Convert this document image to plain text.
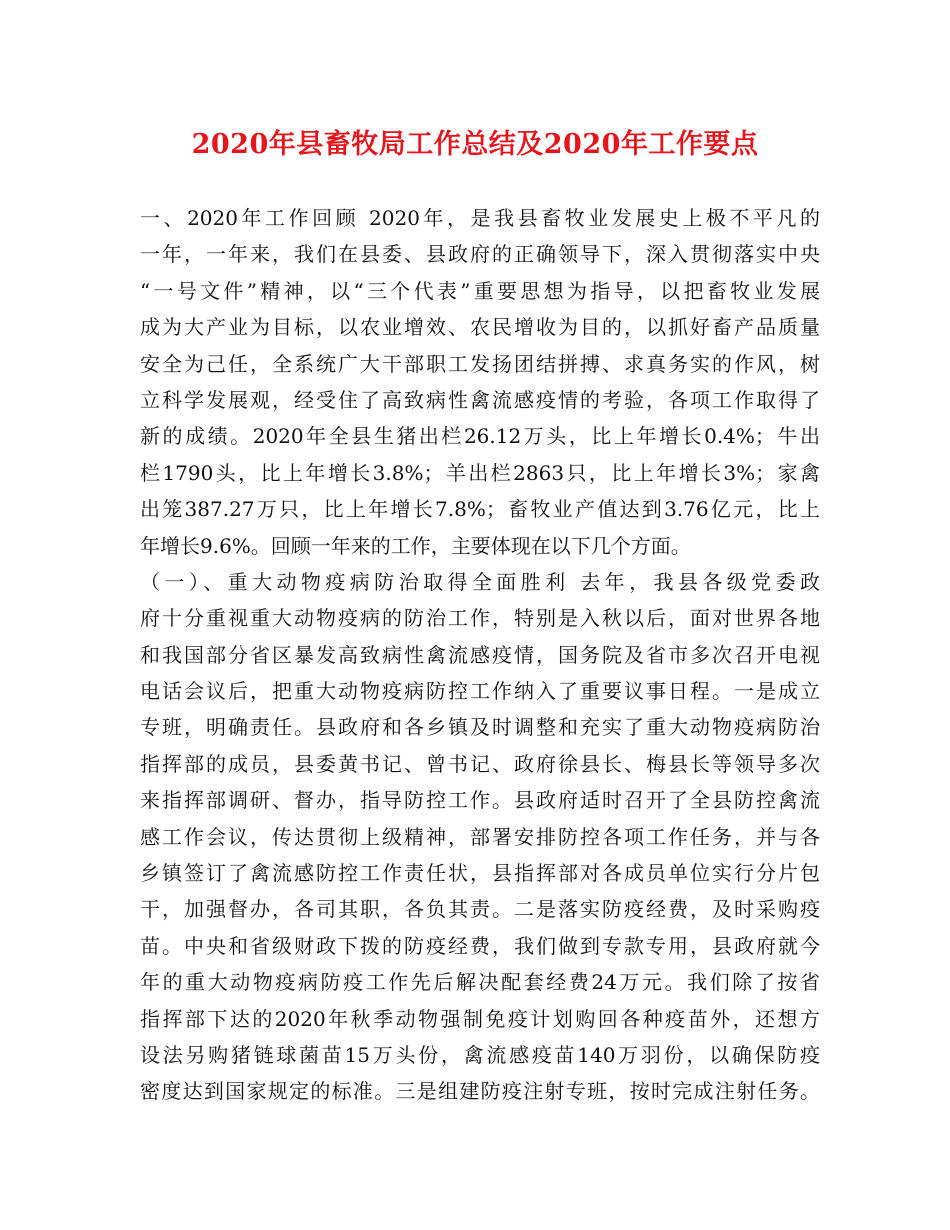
2020年县畜牧局工作总结及2020年工作要点
一、2020年工作回顾 2020年，是我县畜牧业发展史上极不平凡的
一年，一年来，我们在县委、县政府的正确领导下，深入贯彻落实中央
“一号文件”精神，以“三个代表”重要思想为指导，以把畜牧业发展
成为大产业为目标，以农业增效、农民增收为目的，以抓好畜产品质量
安全为己任，全系统广大干部职工发扬团结拼搏、求真务实的作风，树
立科学发展观，经受住了高致病性禽流感疫情的考验，各项工作取得了
新的成绩。2020年全县生猪出栏26.12万头，比上年增长0.4%；牛出
栏1790头，比上年增长3.8%；羊出栏2863只，比上年增长3%；家禽
出笼387.27万只，比上年增长7.8%；畜牧业产值达到3.76亿元，比上
年增长9.6%。回顾一年来的工作，主要体现在以下几个方面。
（一）、重大动物疫病防治取得全面胜利 去年，我县各级党委政
府十分重视重大动物疫病的防治工作，特别是入秋以后，面对世界各地
和我国部分省区暴发高致病性禽流感疫情，国务院及省市多次召开电视
电话会议后，把重大动物疫病防控工作纳入了重要议事日程。一是成立
专班，明确责任。县政府和各乡镇及时调整和充实了重大动物疫病防治
指挥部的成员，县委黄书记、曾书记、政府徐县长、梅县长等领导多次
来指挥部调研、督办，指导防控工作。县政府适时召开了全县防控禽流
感工作会议，传达贯彻上级精神，部署安排防控各项工作任务，并与各
乡镇签订了禽流感防控工作责任状，县指挥部对各成员单位实行分片包
干，加强督办，各司其职，各负其责。二是落实防疫经费，及时采购疫
苗。中央和省级财政下拨的防疫经费，我们做到专款专用，县政府就今
年的重大动物疫病防疫工作先后解决配套经费24万元。我们除了按省
指挥部下达的2020年秋季动物强制免疫计划购回各种疫苗外，还想方
设法另购猪链球菌苗15万头份，禽流感疫苗140万羽份，以确保防疫
密度达到国家规定的标准。三是组建防疫注射专班，按时完成注射任务。
